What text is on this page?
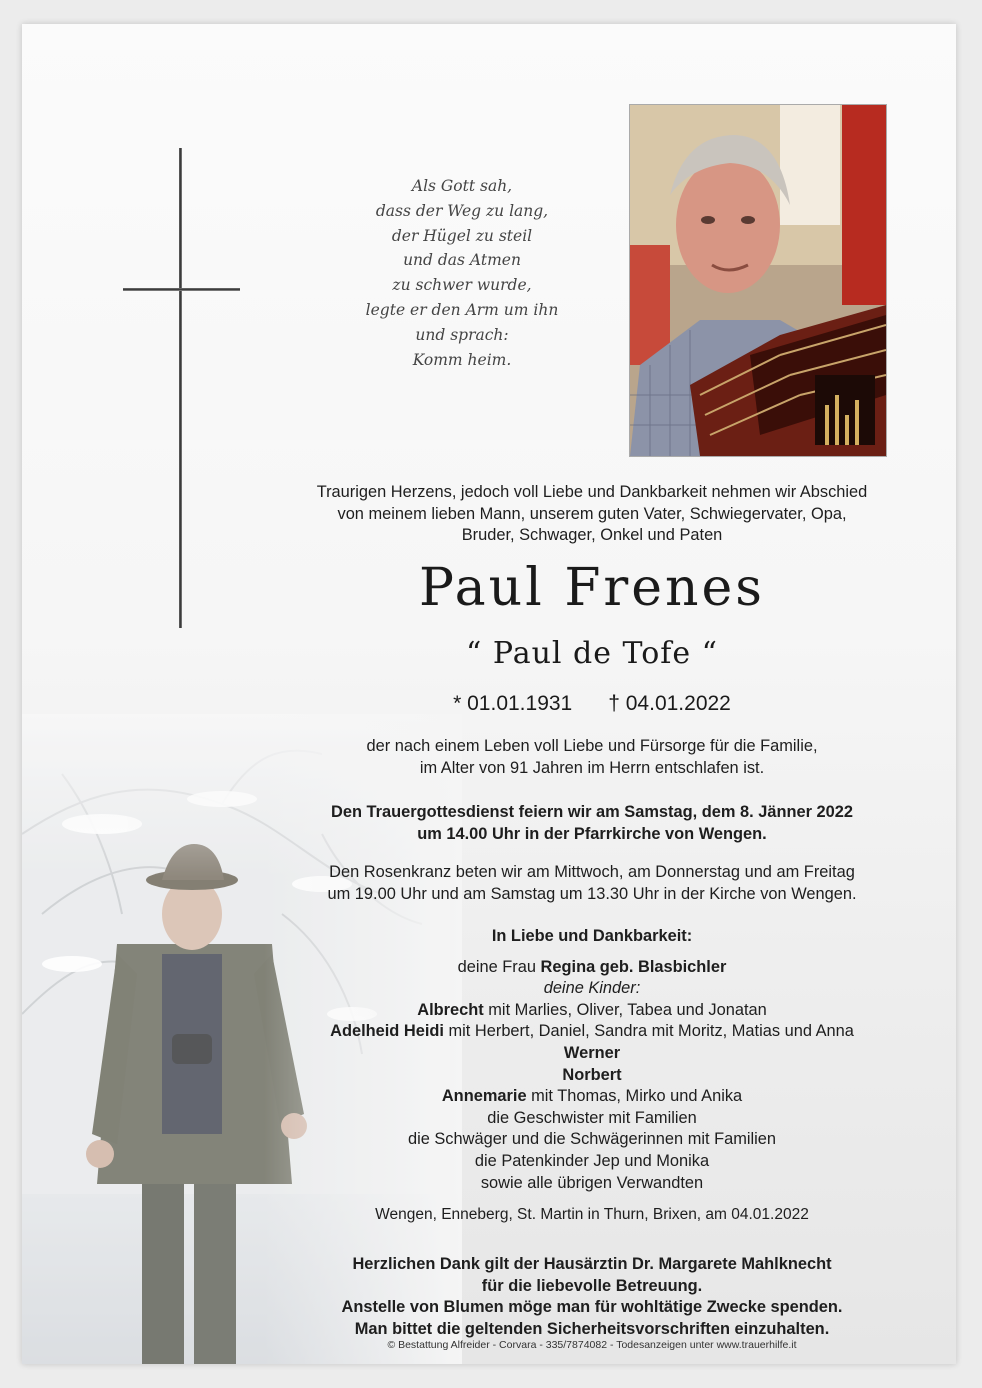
Als Gott sah,
dass der Weg zu lang,
der Hügel zu steil
und das Atmen
zu schwer wurde,
legte er den Arm um ihn
und sprach:
Komm heim.
Traurigen Herzens, jedoch voll Liebe und Dankbarkeit nehmen wir Abschied
von meinem lieben Mann, unserem guten Vater, Schwiegervater, Opa,
Bruder, Schwager, Onkel und Paten
Paul Frenes
“ Paul de Tofe “
* 01.01.1931 † 04.01.2022
der nach einem Leben voll Liebe und Fürsorge für die Familie,
im Alter von 91 Jahren im Herrn entschlafen ist.
Den Trauergottesdienst feiern wir am Samstag, dem 8. Jänner 2022
um 14.00 Uhr in der Pfarrkirche von Wengen.
Den Rosenkranz beten wir am Mittwoch, am Donnerstag und am Freitag
um 19.00 Uhr und am Samstag um 13.30 Uhr in der Kirche von Wengen.
In Liebe und Dankbarkeit:
deine Frau Regina geb. Blasbichler
deine Kinder:
Albrecht mit Marlies, Oliver, Tabea und Jonatan
Adelheid Heidi mit Herbert, Daniel, Sandra mit Moritz, Matias und Anna
Werner
Norbert
Annemarie mit Thomas, Mirko und Anika
die Geschwister mit Familien
die Schwäger und die Schwägerinnen mit Familien
die Patenkinder Jep und Monika
sowie alle übrigen Verwandten
Wengen, Enneberg, St. Martin in Thurn, Brixen, am 04.01.2022
Herzlichen Dank gilt der Hausärztin Dr. Margarete Mahlknecht
für die liebevolle Betreuung.
Anstelle von Blumen möge man für wohltätige Zwecke spenden.
Man bittet die geltenden Sicherheitsvorschriften einzuhalten.
© Bestattung Alfreider - Corvara - 335/7874082 - Todesanzeigen unter www.trauerhilfe.it
